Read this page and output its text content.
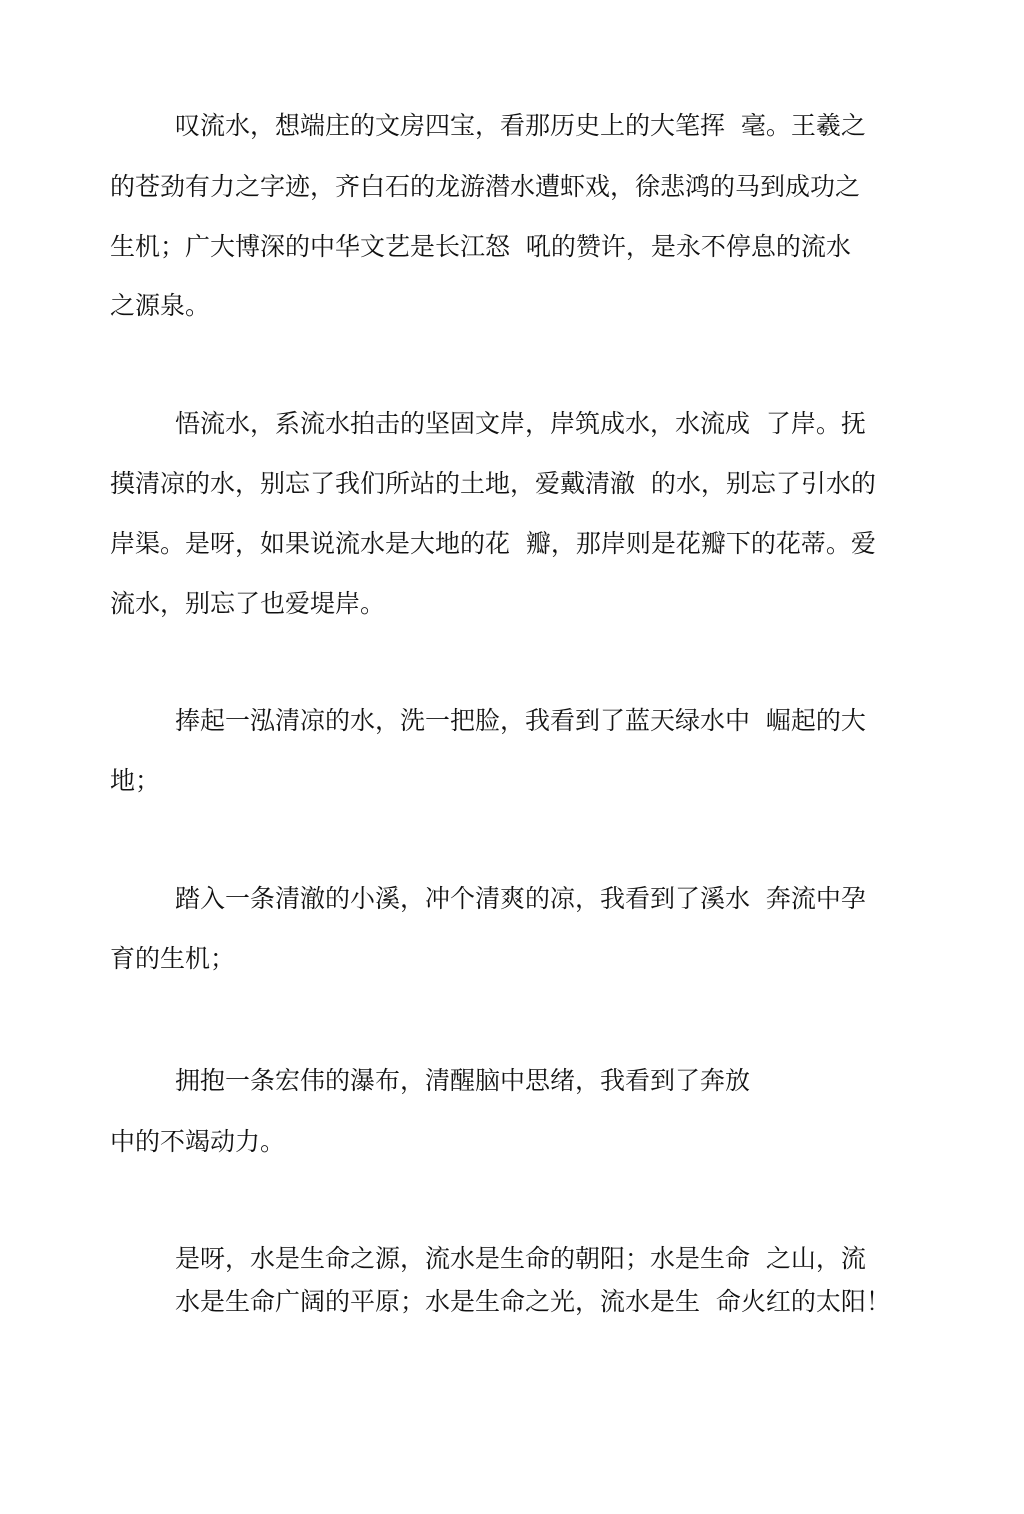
叹流水，想端庄的文房四宝，看那历史上的大笔挥  毫。王羲之
的苍劲有力之字迹，齐白石的龙游潜水遭虾戏，徐悲鸿的马到成功之
生机；广大博深的中华文艺是长江怒  吼的赞许，是永不停息的流水
之源泉。
悟流水，系流水拍击的坚固文岸，岸筑成水，水流成  了岸。抚
摸清凉的水，别忘了我们所站的土地，爱戴清澈  的水，别忘了引水的
岸渠。是呀，如果说流水是大地的花  瓣，那岸则是花瓣下的花蒂。爱
流水，别忘了也爱堤岸。
捧起一泓清凉的水，洗一把脸，我看到了蓝天绿水中  崛起的大
地；
踏入一条清澈的小溪，冲个清爽的凉，我看到了溪水  奔流中孕
育的生机；
拥抱一条宏伟的瀑布，清醒脑中思绪，我看到了奔放
中的不竭动力。
是呀，水是生命之源，流水是生命的朝阳；水是生命  之山，流
水是生命广阔的平原；水是生命之光，流水是生  命火红的太阳！
